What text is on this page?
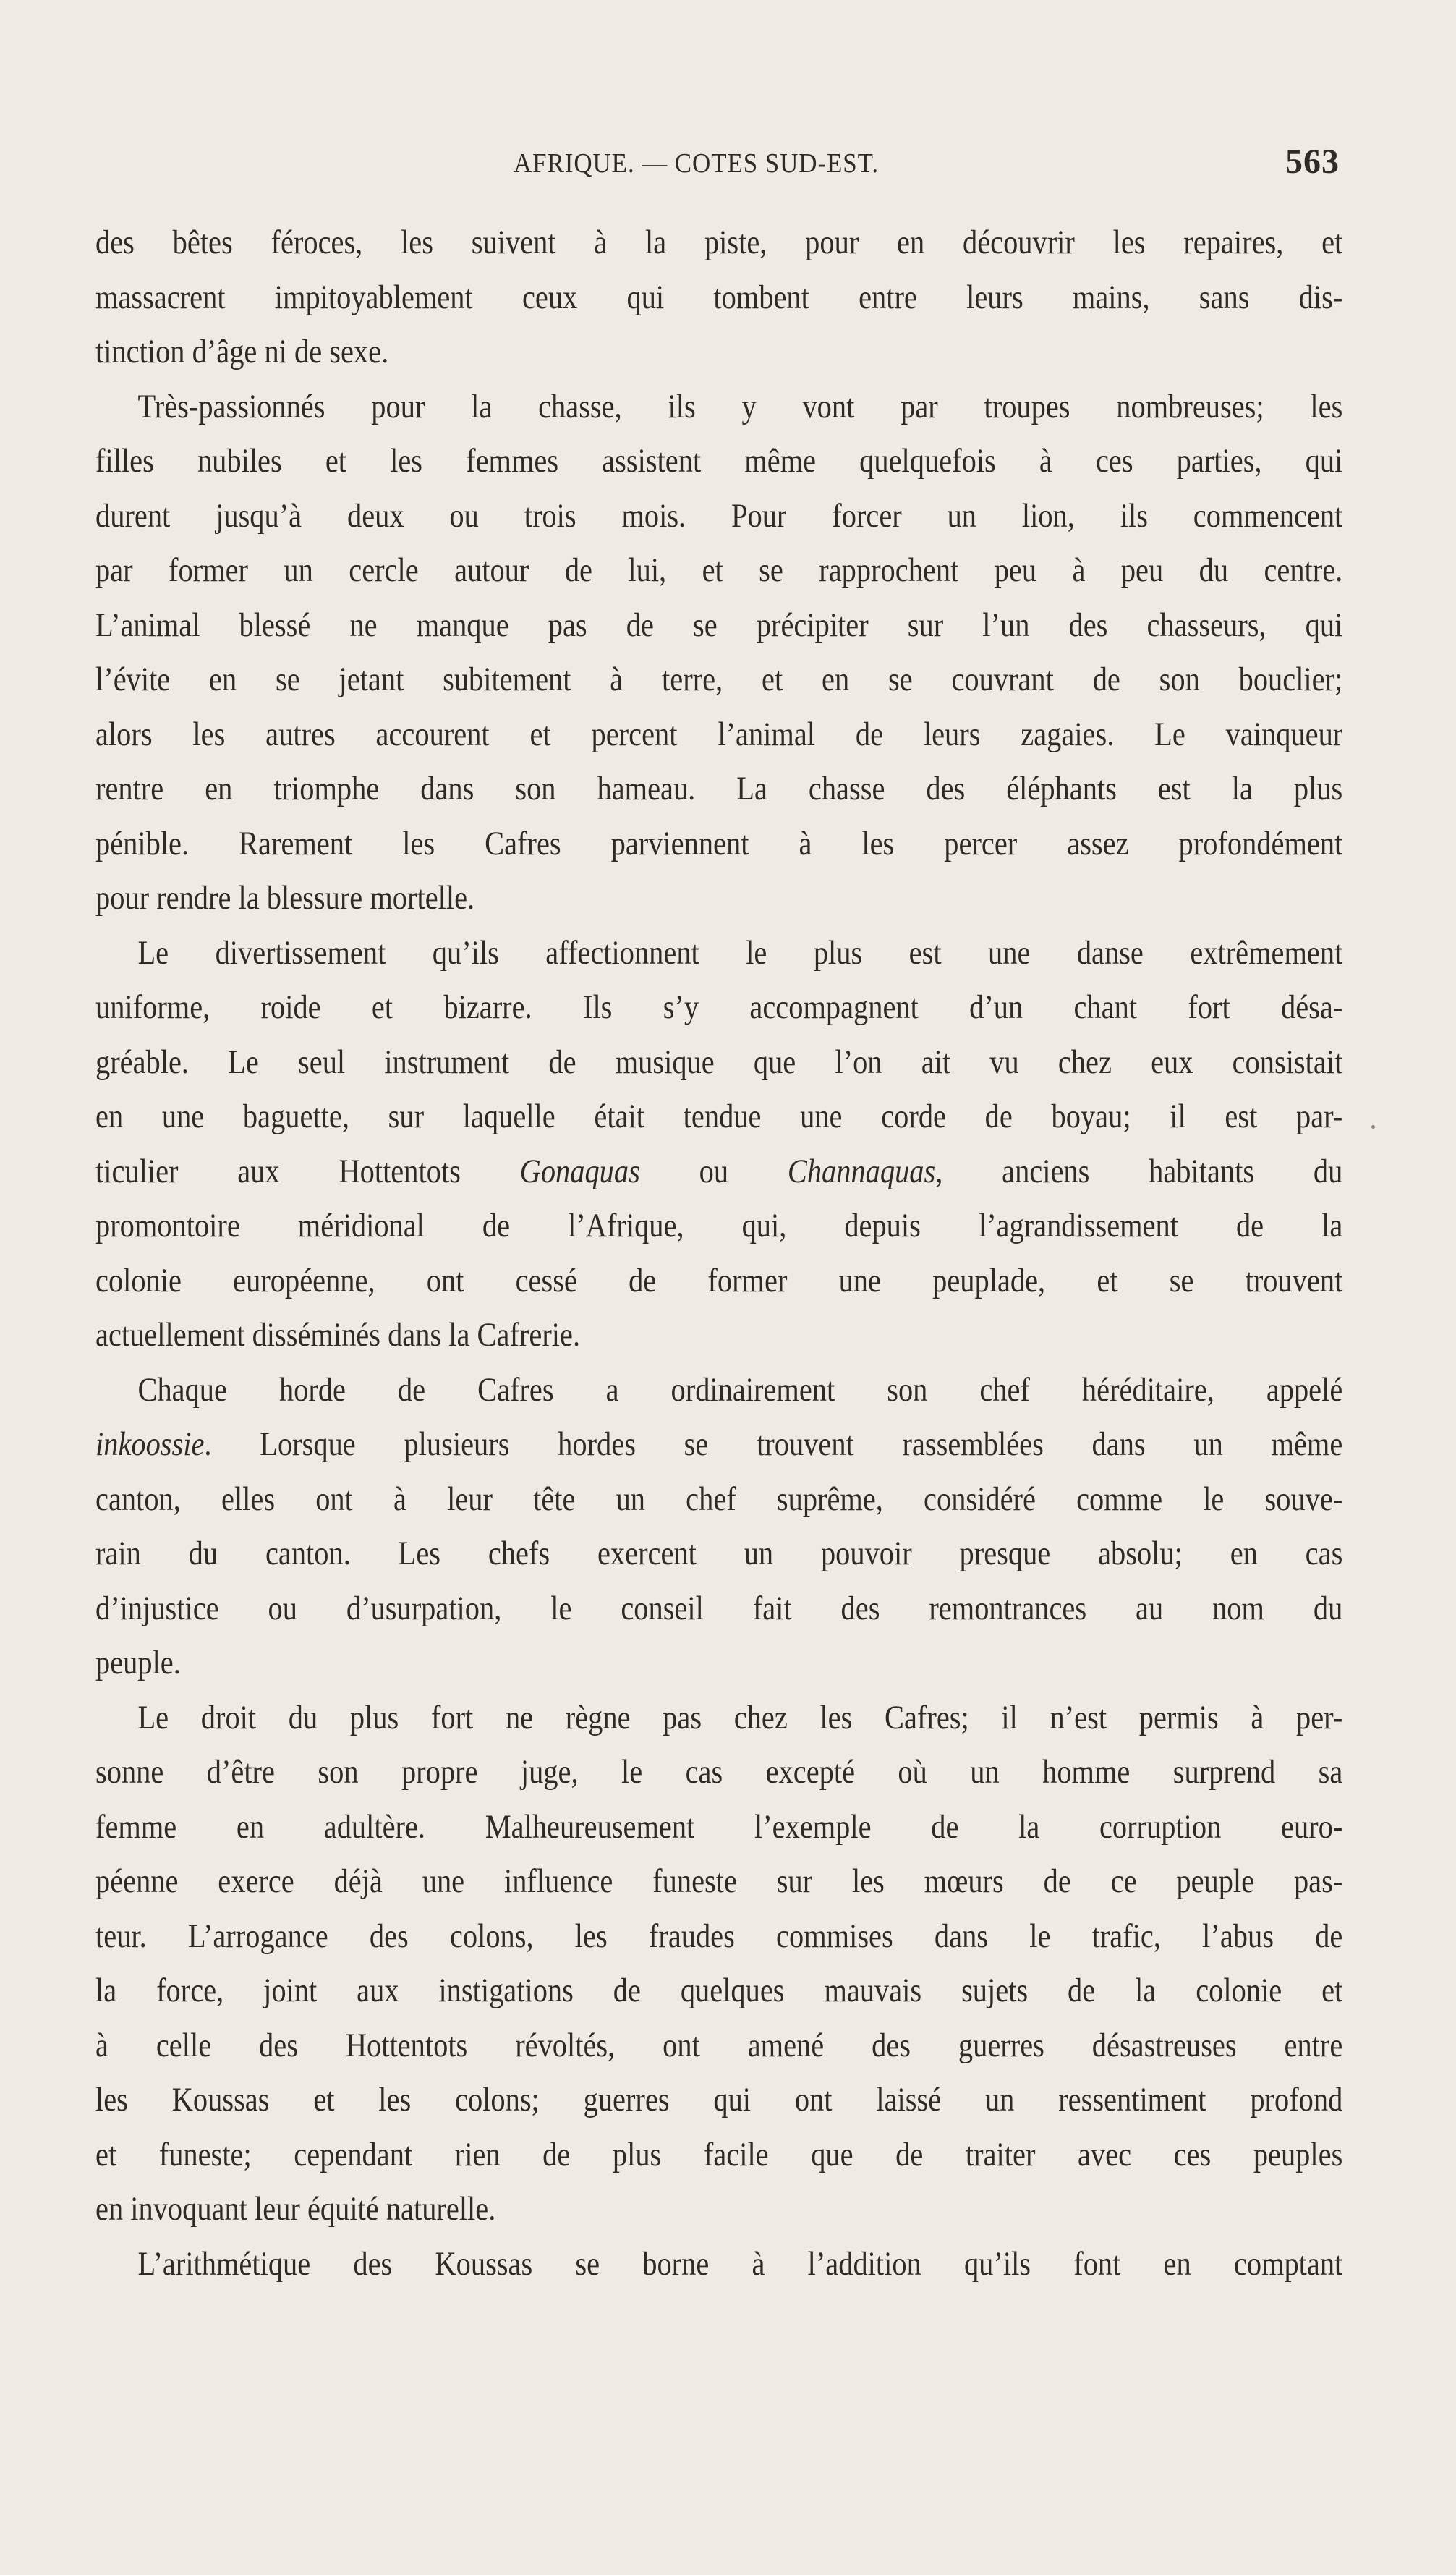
AFRIQUE. — COTES SUD-EST.	563
des bêtes féroces, les suivent à la piste, pour en découvrir les repaires, et
massacrent impitoyablement ceux qui tombent entre leurs mains, sans dis-
tinction d’âge ni de sexe.
Très-passionnés pour la chasse, ils y vont par troupes nombreuses; les
filles nubiles et les femmes assistent même quelquefois à ces parties, qui
durent jusqu’à deux ou trois mois. Pour forcer un lion, ils commencent
par former un cercle autour de lui, et se rapprochent peu à peu du centre.
L’animal blessé ne manque pas de se précipiter sur l’un des chasseurs, qui
l’évite en se jetant subitement à terre, et en se couvrant de son bouclier;
alors les autres accourent et percent l’animal de leurs zagaies. Le vainqueur
rentre en triomphe dans son hameau. La chasse des éléphants est la plus
pénible. Rarement les Cafres parviennent à les percer assez profondément
pour rendre la blessure mortelle.
Le divertissement qu’ils affectionnent le plus est une danse extrêmement
uniforme, roide et bizarre. Ils s’y accompagnent d’un chant fort désa-
gréable. Le seul instrument de musique que l’on ait vu chez eux consistait
en une baguette, sur laquelle était tendue une corde de boyau; il est par-
ticulier aux Hottentots Gonaquas ou Channaquas, anciens habitants du
promontoire méridional de l’Afrique, qui, depuis l’agrandissement de la
colonie européenne, ont cessé de former une peuplade, et se trouvent
actuellement disséminés dans la Cafrerie.
Chaque horde de Cafres a ordinairement son chef héréditaire, appelé
inkoossie. Lorsque plusieurs hordes se trouvent rassemblées dans un même
canton, elles ont à leur tête un chef suprême, considéré comme le souve-
rain du canton. Les chefs exercent un pouvoir presque absolu; en cas
d’injustice ou d’usurpation, le conseil fait des remontrances au nom du
peuple.
Le droit du plus fort ne règne pas chez les Cafres; il n’est permis à per-
sonne d’être son propre juge, le cas excepté où un homme surprend sa
femme en adultère. Malheureusement l’exemple de la corruption euro-
péenne exerce déjà une influence funeste sur les mœurs de ce peuple pas-
teur. L’arrogance des colons, les fraudes commises dans le trafic, l’abus de
la force, joint aux instigations de quelques mauvais sujets de la colonie et
à celle des Hottentots révoltés, ont amené des guerres désastreuses entre
les Koussas et les colons; guerres qui ont laissé un ressentiment profond
et funeste; cependant rien de plus facile que de traiter avec ces peuples
en invoquant leur équité naturelle.
L’arithmétique des Koussas se borne à l’addition qu’ils font en comptant
